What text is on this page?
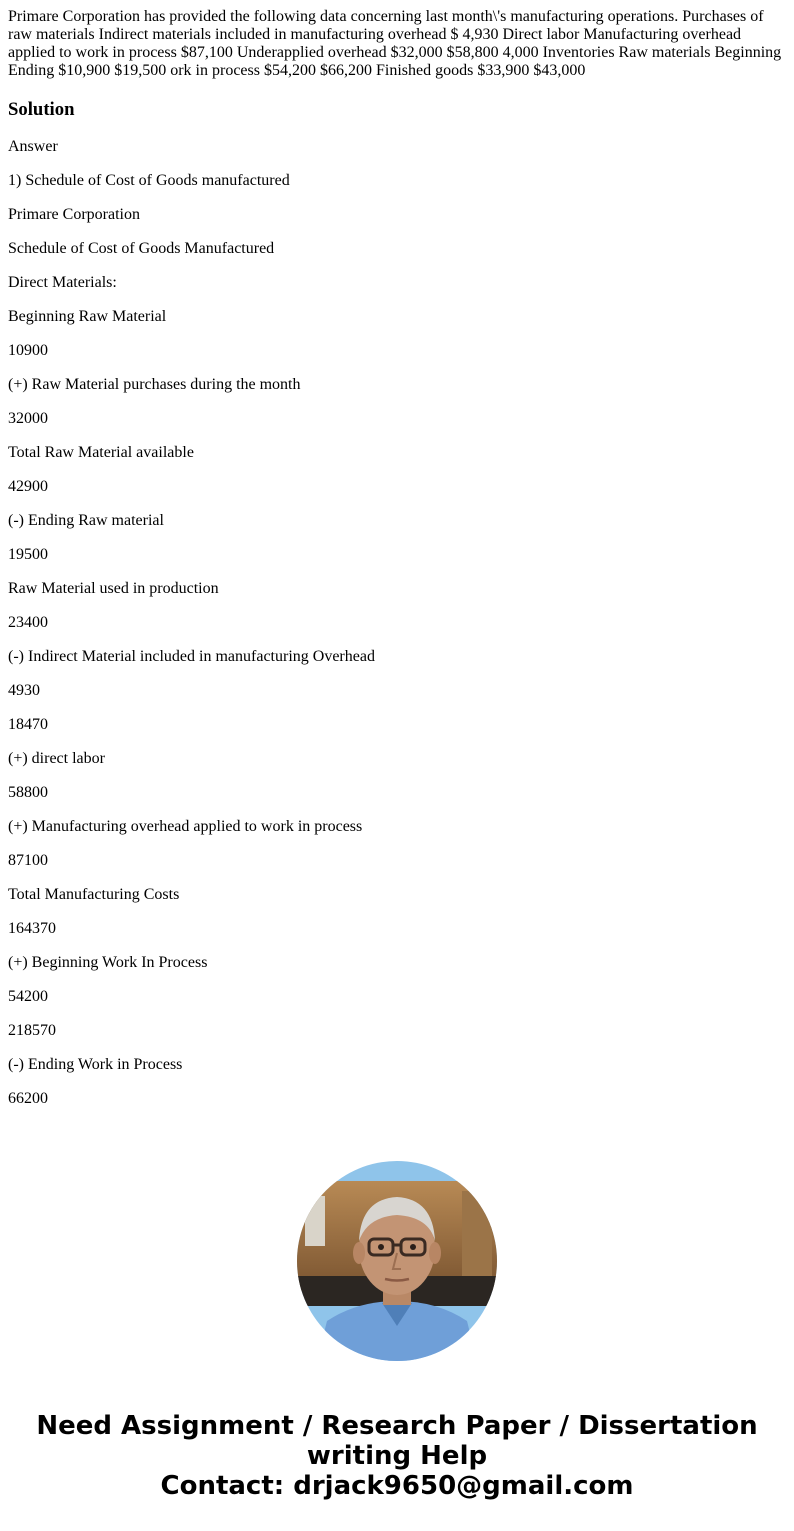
Primare Corporation has provided the following data concerning last month\'s manufacturing operations. Purchases of raw materials Indirect materials included in manufacturing overhead $ 4,930 Direct labor Manufacturing overhead applied to work in process $87,100 Underapplied overhead $32,000 $58,800 4,000 Inventories Raw materials Beginning Ending $10,900 $19,500 ork in process $54,200 $66,200 Finished goods $33,900 $43,000
Solution

Answer

1) Schedule of Cost of Goods manufactured

Primare Corporation

Schedule of Cost of Goods Manufactured

Direct Materials:

Beginning Raw Material

10900

(+) Raw Material purchases during the month

32000

Total Raw Material available

42900

(-) Ending Raw material

19500

Raw Material used in production

23400

(-) Indirect Material included in manufacturing Overhead

4930

18470

(+) direct labor

58800

(+) Manufacturing overhead applied to work in process

87100

Total Manufacturing Costs

164370

(+) Beginning Work In Process

54200

218570

(-) Ending Work in Process

66200

Need Assignment / Research Paper / Dissertation
writing Help
Contact: drjack9650@gmail.com
